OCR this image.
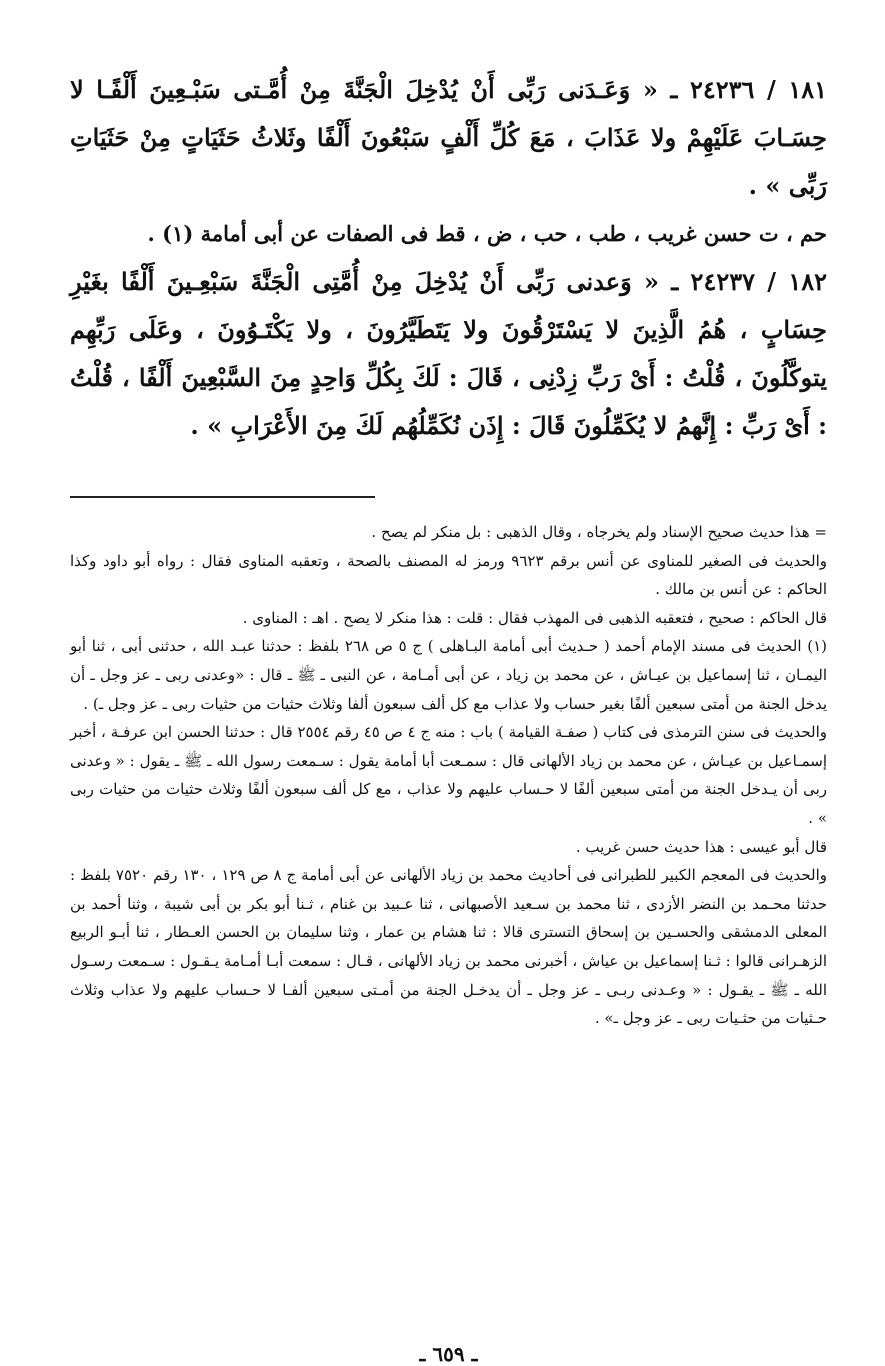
١٨١ / ٢٤٢٣٦ ـ « وَعَـدَنى رَبِّى أَنْ يُدْخِلَ الْجَنَّةَ مِنْ أُمَّـتى سَبْـعِينَ أَلْفًـا لا حِسَـابَ عَلَيْهِمْ ولا عَذَابَ ، مَعَ كُلِّ أَلْفٍ سَبْعُونَ أَلْفًا وثَلاثُ حَثَيَاتٍ مِنْ حَثَيَاتِ رَبِّى » .

حم ، ت حسن غريب ، طب ، حب ، ض ، قط فى الصفات عن أبى أمامة (١) .

١٨٢ / ٢٤٢٣٧ ـ « وَعدنى رَبِّى أَنْ يُدْخِلَ مِنْ أُمَّتِى الْجَنَّةَ سَبْعِـينَ أَلْفًا بغَيْرِ حِسَابٍ ، هُمُ الَّذِينَ لا يَسْتَرْقُونَ ولا يَتَطَيَّرُونَ ، ولا يَكْتَـوُونَ ، وعَلَى رَبِّهِم يتوكَّلُونَ ، قُلْتُ : أَىْ رَبِّ زِدْنِى ، قَالَ : لَكَ بِكُلِّ وَاحِدٍ مِنَ السَّبْعِينَ أَلْفًا ، قُلْتُ : أَىْ رَبِّ : إِنَّهمُ لا يُكَمِّلُونَ قَالَ : إِذَن نُكَمِّلُهُم لَكَ مِنَ الأَعْرَابِ » .

= هذا حديث صحيح الإسناد ولم يخرجاه ، وقال الذهبى : بل منكر لم يصح .

والحديث فى الصغير للمناوى عن أنس برقم ٩٦٢٣ ورمز له المصنف بالصحة ، وتعقبه المناوى فقال : رواه أبو داود وكذا الحاكم : عن أنس بن مالك .

قال الحاكم : صحيح ، فتعقبه الذهبى فى المهذب فقال : قلت : هذا منكر لا يصح . اهـ : المناوى .

(١) الحديث فى مسند الإمام أحمد ( حـديث أبى أمامة البـاهلى ) ج ٥ ص ٢٦٨ بلفظ : حدثنا عبـد الله ، حدثنى أبى ، ثنا أبو اليمـان ، ثنا إسماعيل بن عيـاش ، عن محمد بن زياد ، عن أبى أمـامة ، عن النبى ـ ﷺ ـ قال : «وعدنى ربى ـ عز وجل ـ أن يدخل الجنة من أمتى سبعين ألفًا بغير حساب ولا عذاب مع كل ألف سبعون ألفا وثلاث حثيات من حثيات ربى ـ عز وجل ـ) .

والحديث فى سنن الترمذى فى كتاب ( صفـة القيامة ) باب : منه ج ٤ ص ٤٥ رقم ٢٥٥٤ قال : حدثنا الحسن ابن عرفـة ، أخبر إسمـاعيل بن عيـاش ، عن محمد بن زياد الألهانى قال : سمـعت أبا أمامة يقول : سـمعت رسول الله ـ ﷺ ـ يقول : « وعدنى ربى أن يـدخل الجنة من أمتى سبعين ألفًا لا حـساب عليهم ولا عذاب ، مع كل ألف سبعون ألفًا وثلاث حثيات من حثيات ربى » .

قال أبو عيسى : هذا حديث حسن غريب .

والحديث فى المعجم الكبير للطبرانى فى أحاديث محمد بن زياد الألهانى عن أبى أمامة ج ٨ ص ١٢٩ ، ١٣٠ رقم ٧٥٢٠ بلفظ : حدثنا محـمد بن النضر الأزدى ، ثنا محمد بن سـعيد الأصبهانى ، ثنا عـبيد بن غنام ، ثـنا أبو بكر بن أبى شيبة ، وثنا أحمد بن المعلى الدمشقى والحسـين بن إسحاق التسترى قالا : ثنا هشام بن عمار ، وثنا سليمان بن الحسن العـطار ، ثنا أبـو الربيع الزهـرانى قالوا : ثـنا إسماعيل بن عياش ، أخبرنى محمد بن زياد الألهانى ، قـال : سمعت أبـا أمـامة يـقـول : سـمعت رسـول الله ـ ﷺ ـ يقـول : « وعـدنى ربـى ـ عز وجل ـ أن يدخـل الجنة من أمـتى سبعين ألفـا لا حـساب عليهم ولا عذاب وثلاث حـثيات من حثـيات ربى ـ عز وجل ـ» .

ـ ٦٥٩ ـ
